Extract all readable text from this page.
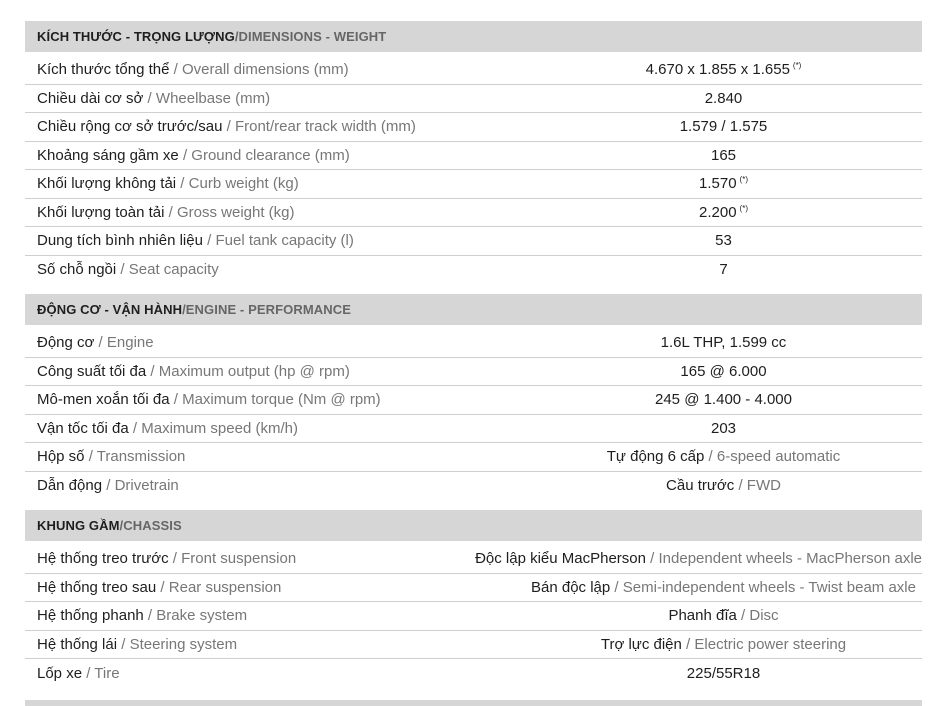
KÍCH THƯỚC - TRỌNG LƯỢNG / DIMENSIONS - WEIGHT
Kích thước tổng thể / Overall dimensions (mm)	4.670 x 1.855 x 1.655 (*)
Chiều dài cơ sở / Wheelbase (mm)	2.840
Chiều rộng cơ sở trước/sau / Front/rear track width (mm)	1.579 / 1.575
Khoảng sáng gầm xe / Ground clearance (mm)	165
Khối lượng không tải / Curb weight (kg)	1.570 (*)
Khối lượng toàn tải / Gross weight (kg)	2.200 (*)
Dung tích bình nhiên liệu / Fuel tank capacity (l)	53
Số chỗ ngồi / Seat capacity	7
ĐỘNG CƠ - VẬN HÀNH / ENGINE - PERFORMANCE
Động cơ / Engine	1.6L THP, 1.599 cc
Công suất tối đa / Maximum output (hp @ rpm)	165 @ 6.000
Mô-men xoắn tối đa / Maximum torque (Nm @ rpm)	245 @ 1.400 - 4.000
Vận tốc tối đa / Maximum speed (km/h)	203
Hộp số / Transmission	Tự động 6 cấp / 6-speed automatic
Dẫn động / Drivetrain	Cầu trước / FWD
KHUNG GẦM / CHASSIS
Hệ thống treo trước / Front suspension	Độc lập kiểu MacPherson / Independent wheels - MacPherson axle
Hệ thống treo sau / Rear suspension	Bán độc lập / Semi-independent wheels - Twist beam axle
Hệ thống phanh / Brake system	Phanh đĩa / Disc
Hệ thống lái / Steering system	Trợ lực điện / Electric power steering
Lốp xe / Tire	225/55R18
